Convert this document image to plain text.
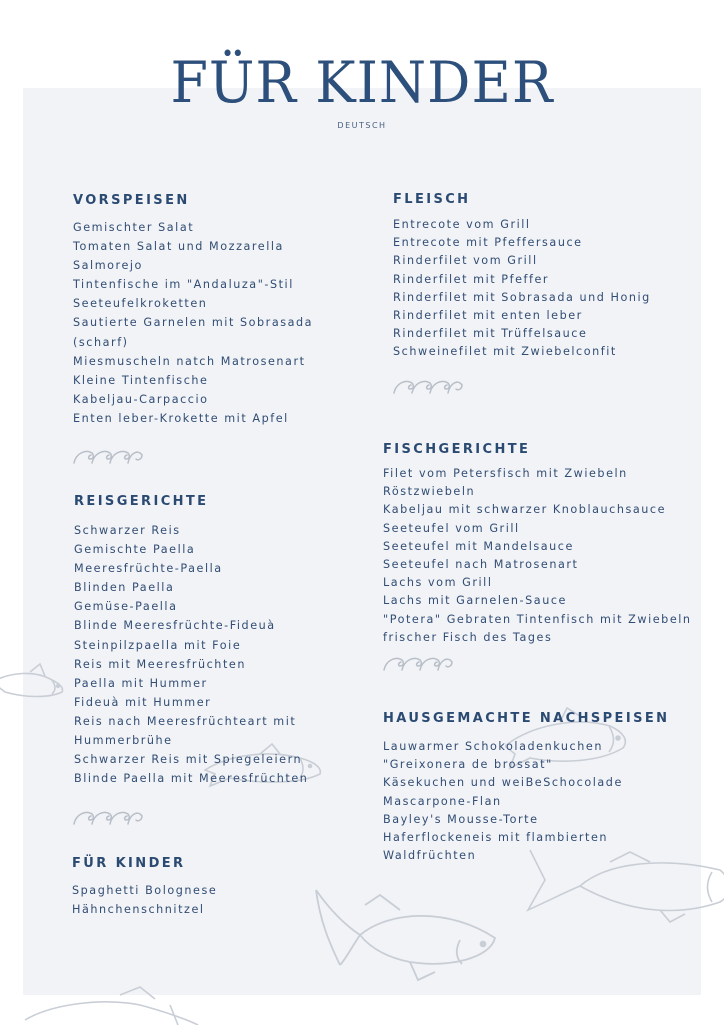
FÜR KINDER
DEUTSCH
VORSPEISEN
Gemischter Salat
Tomaten Salat und Mozzarella
Salmorejo
Tintenfische im "Andaluza"-Stil
Seeteufelkroketten
Sautierte Garnelen mit Sobrasada
(scharf)
Miesmuscheln natch Matrosenart
Kleine Tintenfische
Kabeljau-Carpaccio
Enten leber-Krokette mit Apfel
REISGERICHTE
Schwarzer Reis
Gemischte Paella
Meeresfrüchte-Paella
Blinden Paella
Gemüse-Paella
Blinde Meeresfrüchte-Fideuà
Steinpilzpaella mit Foie
Reis mit Meeresfrüchten
Paella mit Hummer
Fideuà mit Hummer
Reis nach Meeresfrüchteart mit
Hummerbrühe
Schwarzer Reis mit Spiegeleiern
Blinde Paella mit Meeresfrüchten
FÜR KINDER
Spaghetti Bolognese
Hähnchenschnitzel
FLEISCH
Entrecote vom Grill
Entrecote mit Pfeffersauce
Rinderfilet vom Grill
Rinderfilet mit Pfeffer
Rinderfilet mit Sobrasada und Honig
Rinderfilet mit enten leber
Rinderfilet mit Trüffelsauce
Schweinefilet mit Zwiebelconfit
FISCHGERICHTE
Filet vom Petersfisch mit Zwiebeln
Röstzwiebeln
Kabeljau mit schwarzer Knoblauchsauce
Seeteufel vom Grill
Seeteufel mit Mandelsauce
Seeteufel nach Matrosenart
Lachs vom Grill
Lachs mit Garnelen-Sauce
"Potera" Gebraten Tintenfisch mit Zwiebeln
frischer Fisch des Tages
HAUSGEMACHTE NACHSPEISEN
Lauwarmer Schokoladenkuchen
"Greixonera de brossat"
Käsekuchen und weiBeSchocolade
Mascarpone-Flan
Bayley's Mousse-Torte
Haferflockeneis mit flambierten
Waldfrüchten
